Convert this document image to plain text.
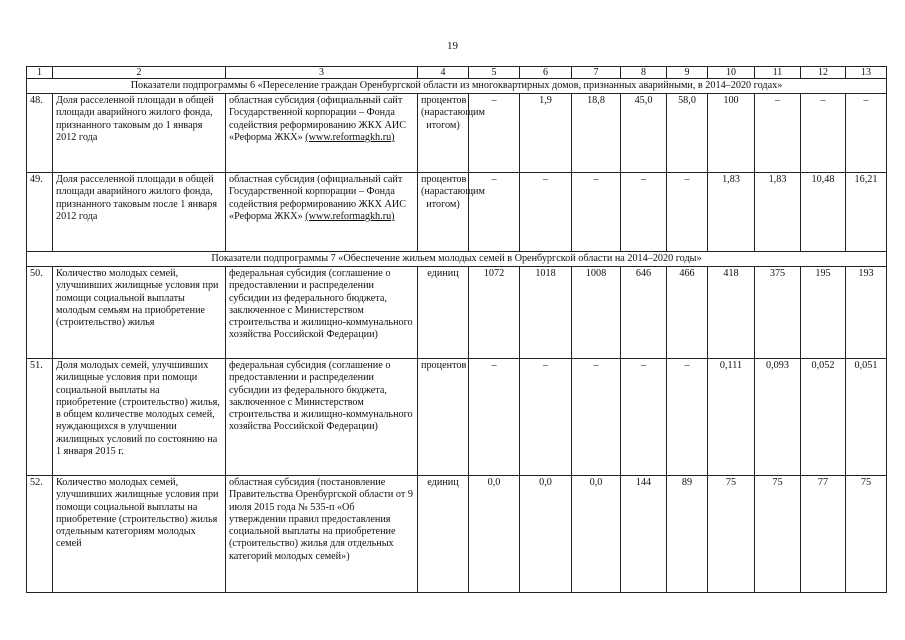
19
1	2	3	4	5	6	7	8	9	10	11	12	13
Показатели подпрограммы 6 «Переселение граждан Оренбургской области из многоквартирных домов, признанных аварийными, в 2014–2020 годах»												
48.	Доля расселенной площади в общей площади аварийного жилого фонда, признанного таковым до 1 января 2012 года	областная субсидия (официальный сайт Государственной корпорации – Фонда содействия реформированию ЖКХ АИС «Реформа ЖКХ» (www.reformagkh.ru)	процентов (нарастающим итогом)	–	1,9	18,8	45,0	58,0	100	–	–	–
49.	Доля расселенной площади в общей площади аварийного жилого фонда, признанного таковым после 1 января 2012 года	областная субсидия (официальный сайт Государственной корпорации – Фонда содействия реформированию ЖКХ АИС «Реформа ЖКХ» (www.reformagkh.ru)	процентов (нарастающим итогом)	–	–	–	–	–	1,83	1,83	10,48	16,21
Показатели подпрограммы 7 «Обеспечение жильем молодых семей в Оренбургской области на 2014–2020 годы»												
50.	Количество молодых семей, улучшивших жилищные условия при помощи социальной выплаты молодым семьям на приобретение (строительство) жилья	федеральная субсидия (соглашение о предоставлении и распределении субсидии из федерального бюджета, заключенное с Министерством строительства и жилищно-коммунального хозяйства Российской Федерации)	единиц	1072	1018	1008	646	466	418	375	195	193
51.	Доля молодых семей, улучшивших жилищные условия при помощи социальной выплаты на приобретение (строительство) жилья, в общем количестве молодых семей, нуждающихся в улучшении жилищных условий по состоянию на 1 января 2015 г.	федеральная субсидия (соглашение о предоставлении и распределении субсидии из федерального бюджета, заключенное с Министерством строительства и жилищно-коммунального хозяйства Российской Федерации)	процентов	–	–	–	–	–	0,111	0,093	0,052	0,051
52.	Количество молодых семей, улучшивших жилищные условия при помощи социальной выплаты на приобретение (строительство) жилья отдельным категориям молодых семей	областная субсидия (постановление Правительства Оренбургской области от 9 июля 2015 года № 535-п «Об утверждении правил предоставления социальной выплаты на приобретение (строительство) жилья для отдельных категорий молодых семей»)	единиц	0,0	0,0	0,0	144	89	75	75	77	75
